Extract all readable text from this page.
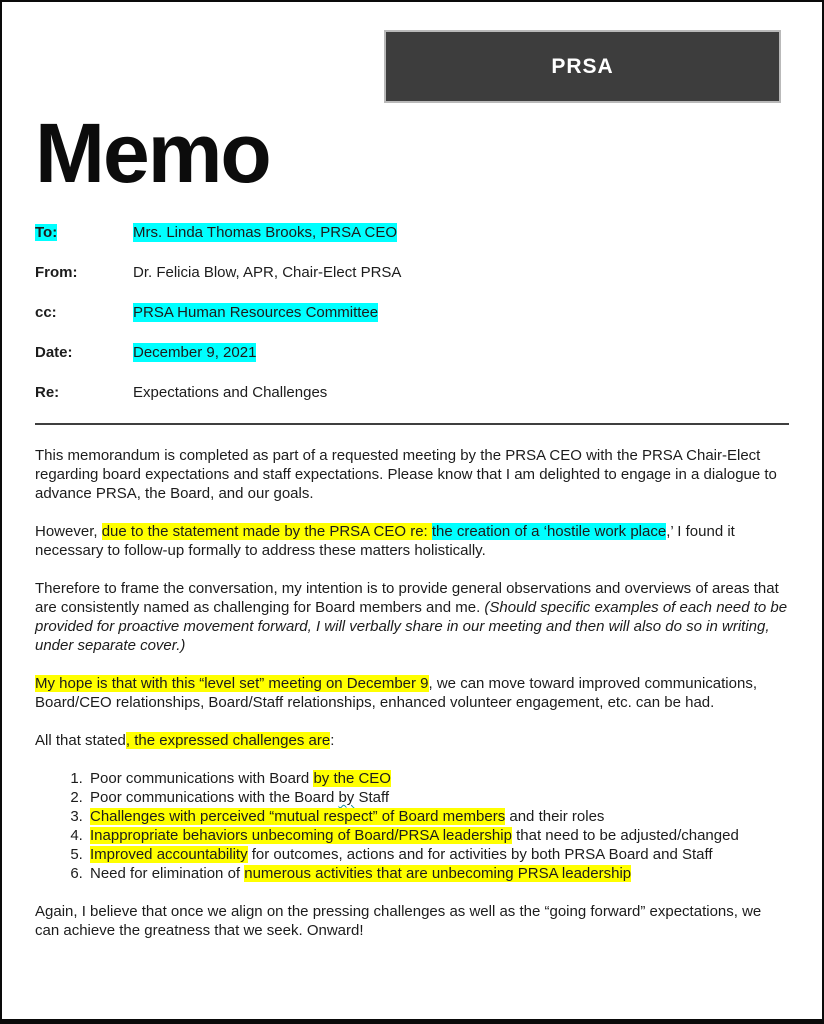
PRSA
Memo
To:	Mrs. Linda Thomas Brooks, PRSA CEO
From:	Dr. Felicia Blow, APR, Chair-Elect PRSA
cc:	PRSA Human Resources Committee
Date:	December 9, 2021
Re:	Expectations and Challenges

This memorandum is completed as part of a requested meeting by the PRSA CEO with the PRSA Chair-Elect regarding board expectations and staff expectations. Please know that I am delighted to engage in a dialogue to advance PRSA, the Board, and our goals.

However, due to the statement made by the PRSA CEO re: the creation of a ‘hostile work place,’ I found it necessary to follow-up formally to address these matters holistically.

Therefore to frame the conversation, my intention is to provide general observations and overviews of areas that are consistently named as challenging for Board members and me. (Should specific examples of each need to be provided for proactive movement forward, I will verbally share in our meeting and then will also do so in writing, under separate cover.)

My hope is that with this “level set” meeting on December 9, we can move toward improved communications, Board/CEO relationships, Board/Staff relationships, enhanced volunteer engagement, etc. can be had.

All that stated, the expressed challenges are:

1. Poor communications with Board by the CEO
2. Poor communications with the Board by Staff
3. Challenges with perceived “mutual respect” of Board members and their roles
4. Inappropriate behaviors unbecoming of Board/PRSA leadership that need to be adjusted/changed
5. Improved accountability for outcomes, actions and for activities by both PRSA Board and Staff
6. Need for elimination of numerous activities that are unbecoming PRSA leadership

Again, I believe that once we align on the pressing challenges as well as the “going forward” expectations, we can achieve the greatness that we seek. Onward!
